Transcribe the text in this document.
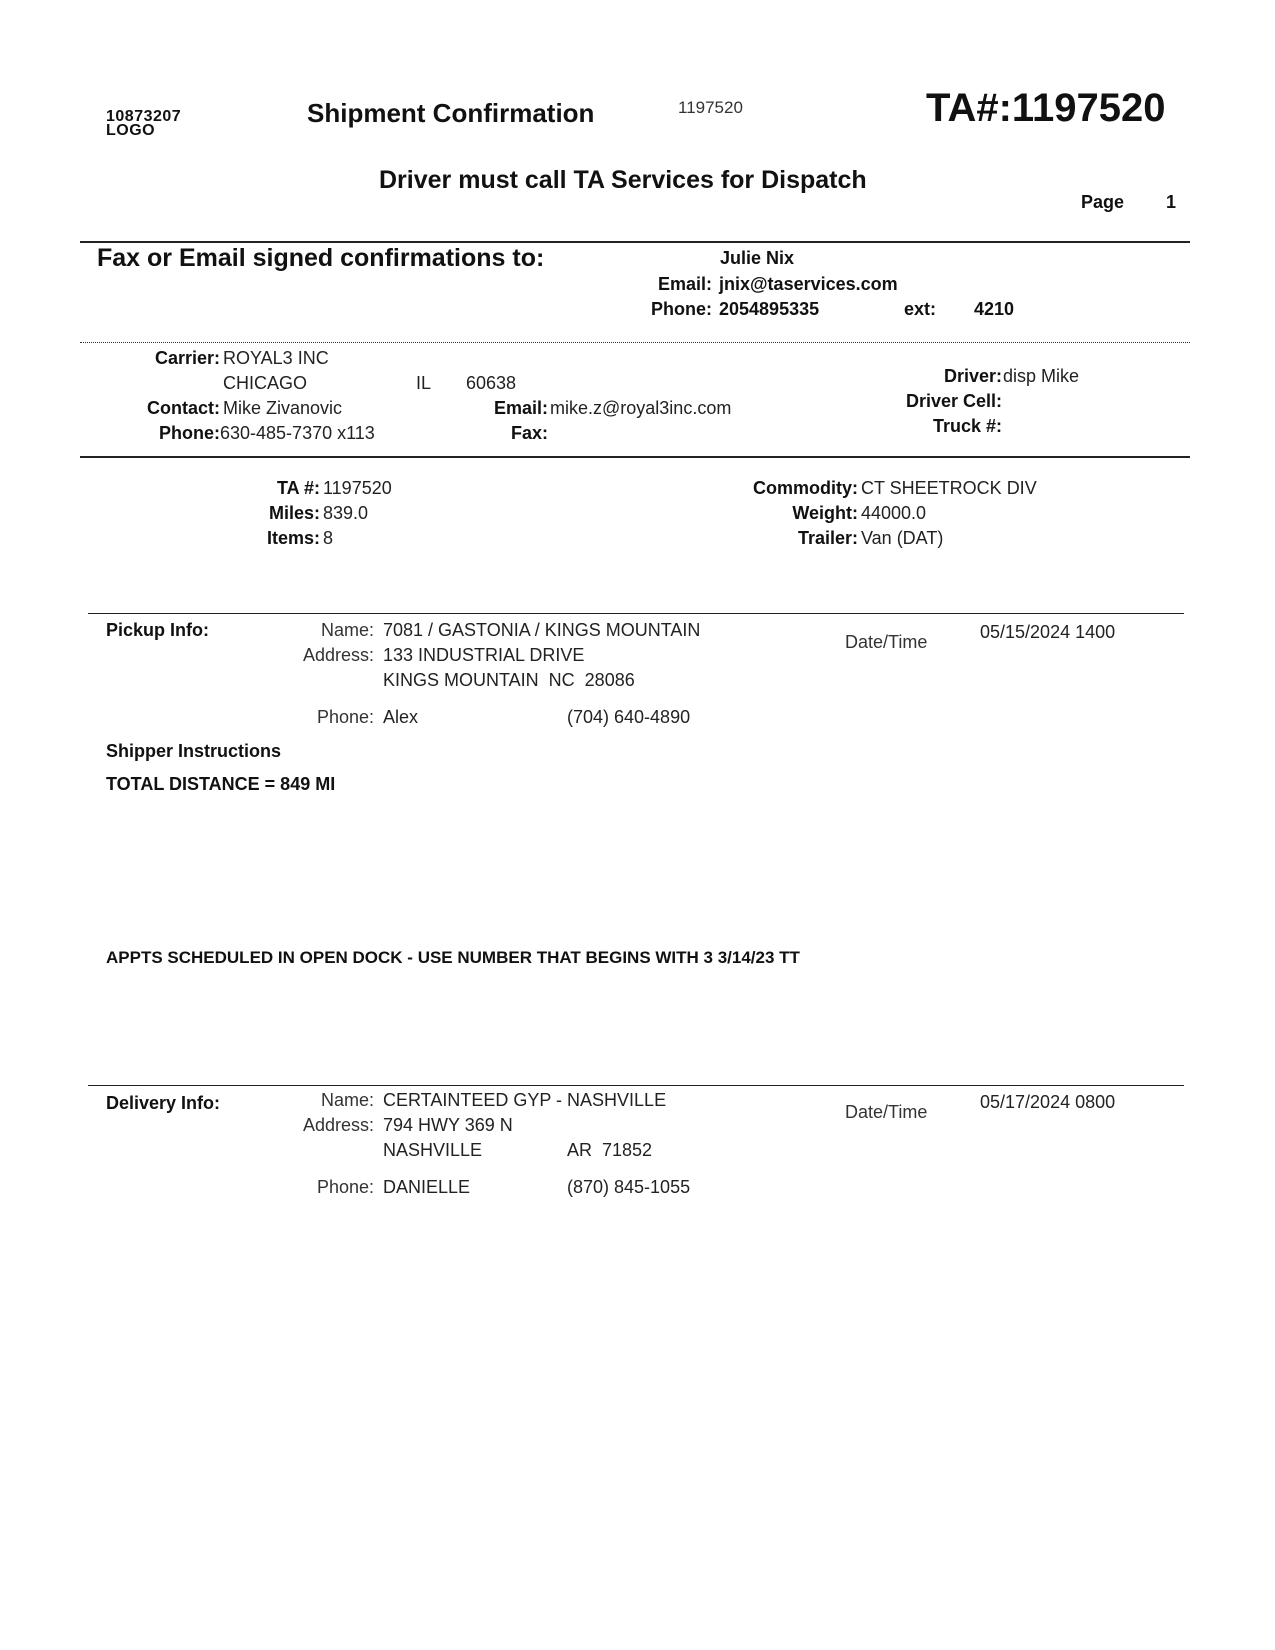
10873207
LOGO
Shipment Confirmation	1197520	TA#:1197520
Driver must call TA Services for Dispatch
Page 1
Fax or Email signed confirmations to:	Julie Nix
Email: jnix@taservices.com
Phone: 2054895335	ext: 4210
Carrier: ROYAL3 INC
CHICAGO	IL 60638
Contact: Mike Zivanovic
Phone: 630-485-7370 x113
Email: mike.z@royal3inc.com
Fax:
Driver: disp Mike
Driver Cell:
Truck #:
TA #: 1197520
Miles: 839.0
Items: 8
Commodity: CT SHEETROCK DIV
Weight: 44000.0
Trailer: Van (DAT)
Pickup Info:	Name: 7081 / GASTONIA / KINGS MOUNTAIN
Address: 133 INDUSTRIAL DRIVE
KINGS MOUNTAIN  NC  28086
Date/Time	05/15/2024 1400
Phone: Alex	(704) 640-4890
Shipper Instructions
TOTAL DISTANCE = 849 MI
APPTS SCHEDULED IN OPEN DOCK - USE NUMBER THAT BEGINS WITH 3 3/14/23 TT
Delivery Info:	Name: CERTAINTEED GYP - NASHVILLE
Address: 794 HWY 369 N
NASHVILLE	AR  71852
Date/Time	05/17/2024 0800
Phone: DANIELLE	(870) 845-1055
